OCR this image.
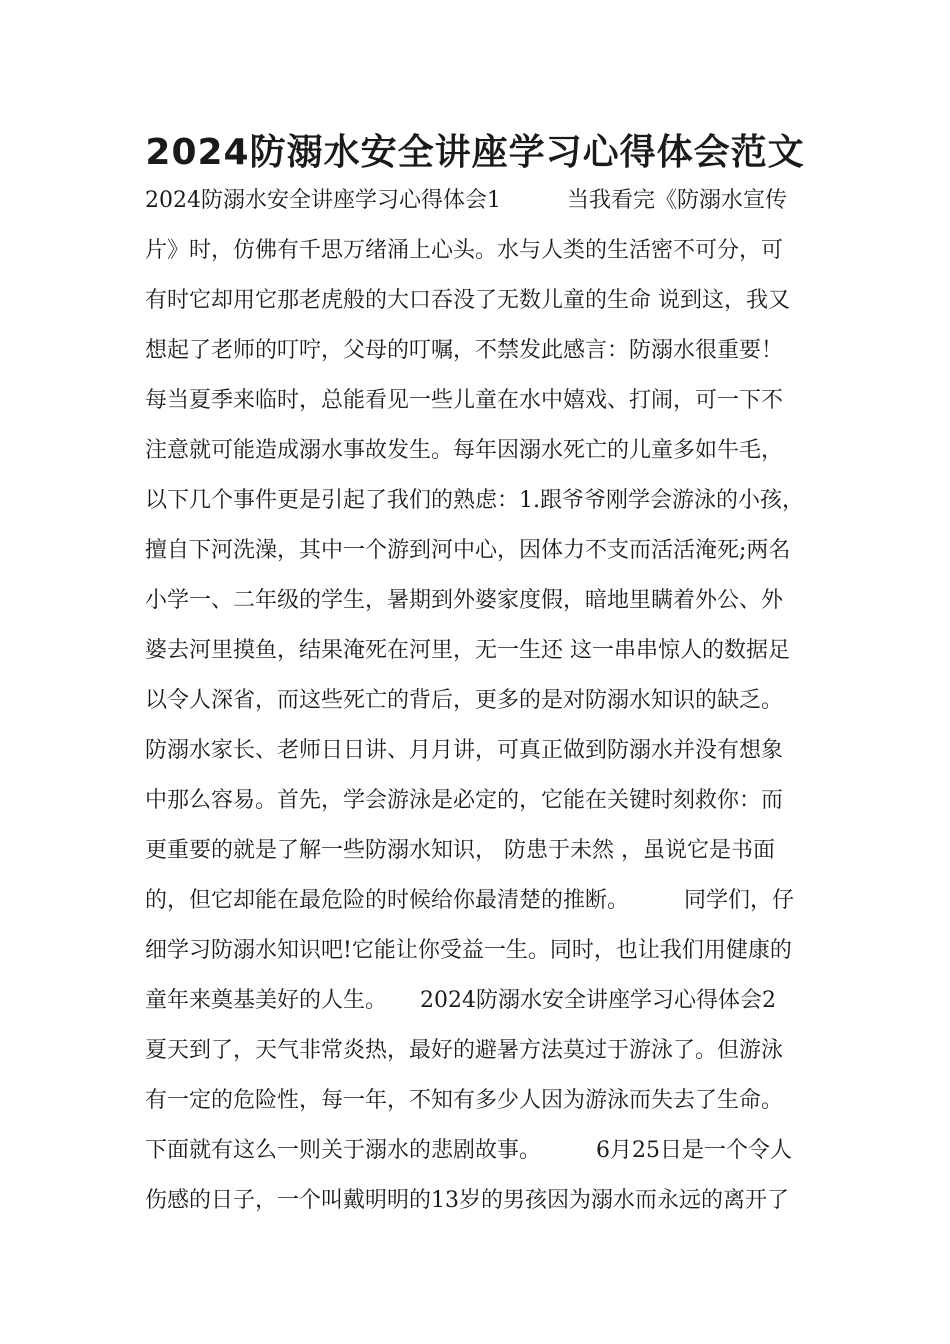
2024防溺水安全讲座学习心得体会范文
2024防溺水安全讲座学习心得体会1　　　当我看完《防溺水宣传
片》时，仿佛有千思万绪涌上心头。水与人类的生活密不可分，可
有时它却用它那老虎般的大口吞没了无数儿童的生命 说到这，我又
想起了老师的叮咛，父母的叮嘱，不禁发此感言：防溺水很重要！
每当夏季来临时，总能看见一些儿童在水中嬉戏、打闹，可一下不
注意就可能造成溺水事故发生。每年因溺水死亡的儿童多如牛毛，
以下几个事件更是引起了我们的熟虑：1.跟爷爷刚学会游泳的小孩，
擅自下河洗澡，其中一个游到河中心，因体力不支而活活淹死;两名
小学一、二年级的学生，暑期到外婆家度假，暗地里瞒着外公、外
婆去河里摸鱼，结果淹死在河里，无一生还 这一串串惊人的数据足
以令人深省，而这些死亡的背后，更多的是对防溺水知识的缺乏。
防溺水家长、老师日日讲、月月讲，可真正做到防溺水并没有想象
中那么容易。首先，学会游泳是必定的，它能在关键时刻救你：而
更重要的就是了解一些防溺水知识， 防患于未然 ，虽说它是书面
的，但它却能在最危险的时候给你最清楚的推断。　　　同学们，仔
细学习防溺水知识吧!它能让你受益一生。同时，也让我们用健康的
童年来奠基美好的人生。　　2024防溺水安全讲座学习心得体会2
夏天到了，天气非常炎热，最好的避暑方法莫过于游泳了。但游泳
有一定的危险性，每一年，不知有多少人因为游泳而失去了生命。
下面就有这么一则关于溺水的悲剧故事。　　　6月25日是一个令人
伤感的日子，一个叫戴明明的13岁的男孩因为溺水而永远的离开了
